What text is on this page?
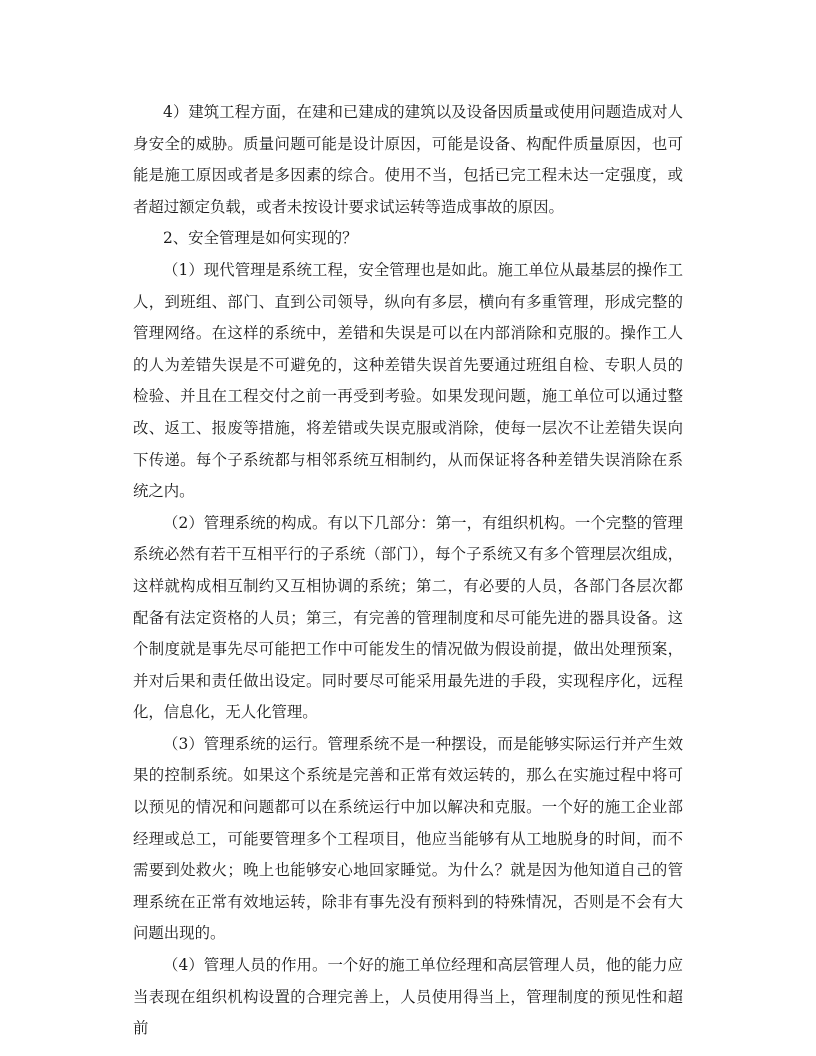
4）建筑工程方面，在建和已建成的建筑以及设备因质量或使用问题造成对人身安全的威胁。质量问题可能是设计原因，可能是设备、构配件质量原因，也可能是施工原因或者是多因素的综合。使用不当，包括已完工程未达一定强度，或者超过额定负载，或者未按设计要求试运转等造成事故的原因。

2、安全管理是如何实现的？

（1）现代管理是系统工程，安全管理也是如此。施工单位从最基层的操作工人，到班组、部门、直到公司领导，纵向有多层，横向有多重管理，形成完整的管理网络。在这样的系统中，差错和失误是可以在内部消除和克服的。操作工人的人为差错失误是不可避免的，这种差错失误首先要通过班组自检、专职人员的检验、并且在工程交付之前一再受到考验。如果发现问题，施工单位可以通过整改、返工、报废等措施，将差错或失误克服或消除，使每一层次不让差错失误向下传递。每个子系统都与相邻系统互相制约，从而保证将各种差错失误消除在系统之内。

（2）管理系统的构成。有以下几部分：第一，有组织机构。一个完整的管理系统必然有若干互相平行的子系统（部门），每个子系统又有多个管理层次组成，这样就构成相互制约又互相协调的系统；第二，有必要的人员，各部门各层次都配备有法定资格的人员；第三，有完善的管理制度和尽可能先进的器具设备。这个制度就是事先尽可能把工作中可能发生的情况做为假设前提，做出处理预案，并对后果和责任做出设定。同时要尽可能采用最先进的手段，实现程序化，远程化，信息化，无人化管理。

（3）管理系统的运行。管理系统不是一种摆设，而是能够实际运行并产生效果的控制系统。如果这个系统是完善和正常有效运转的，那么在实施过程中将可以预见的情况和问题都可以在系统运行中加以解决和克服。一个好的施工企业部经理或总工，可能要管理多个工程项目，他应当能够有从工地脱身的时间，而不需要到处救火；晚上也能够安心地回家睡觉。为什么？就是因为他知道自己的管理系统在正常有效地运转，除非有事先没有预料到的特殊情况，否则是不会有大问题出现的。

（4）管理人员的作用。一个好的施工单位经理和高层管理人员，他的能力应当表现在组织机构设置的合理完善上，人员使用得当上，管理制度的预见性和超前
